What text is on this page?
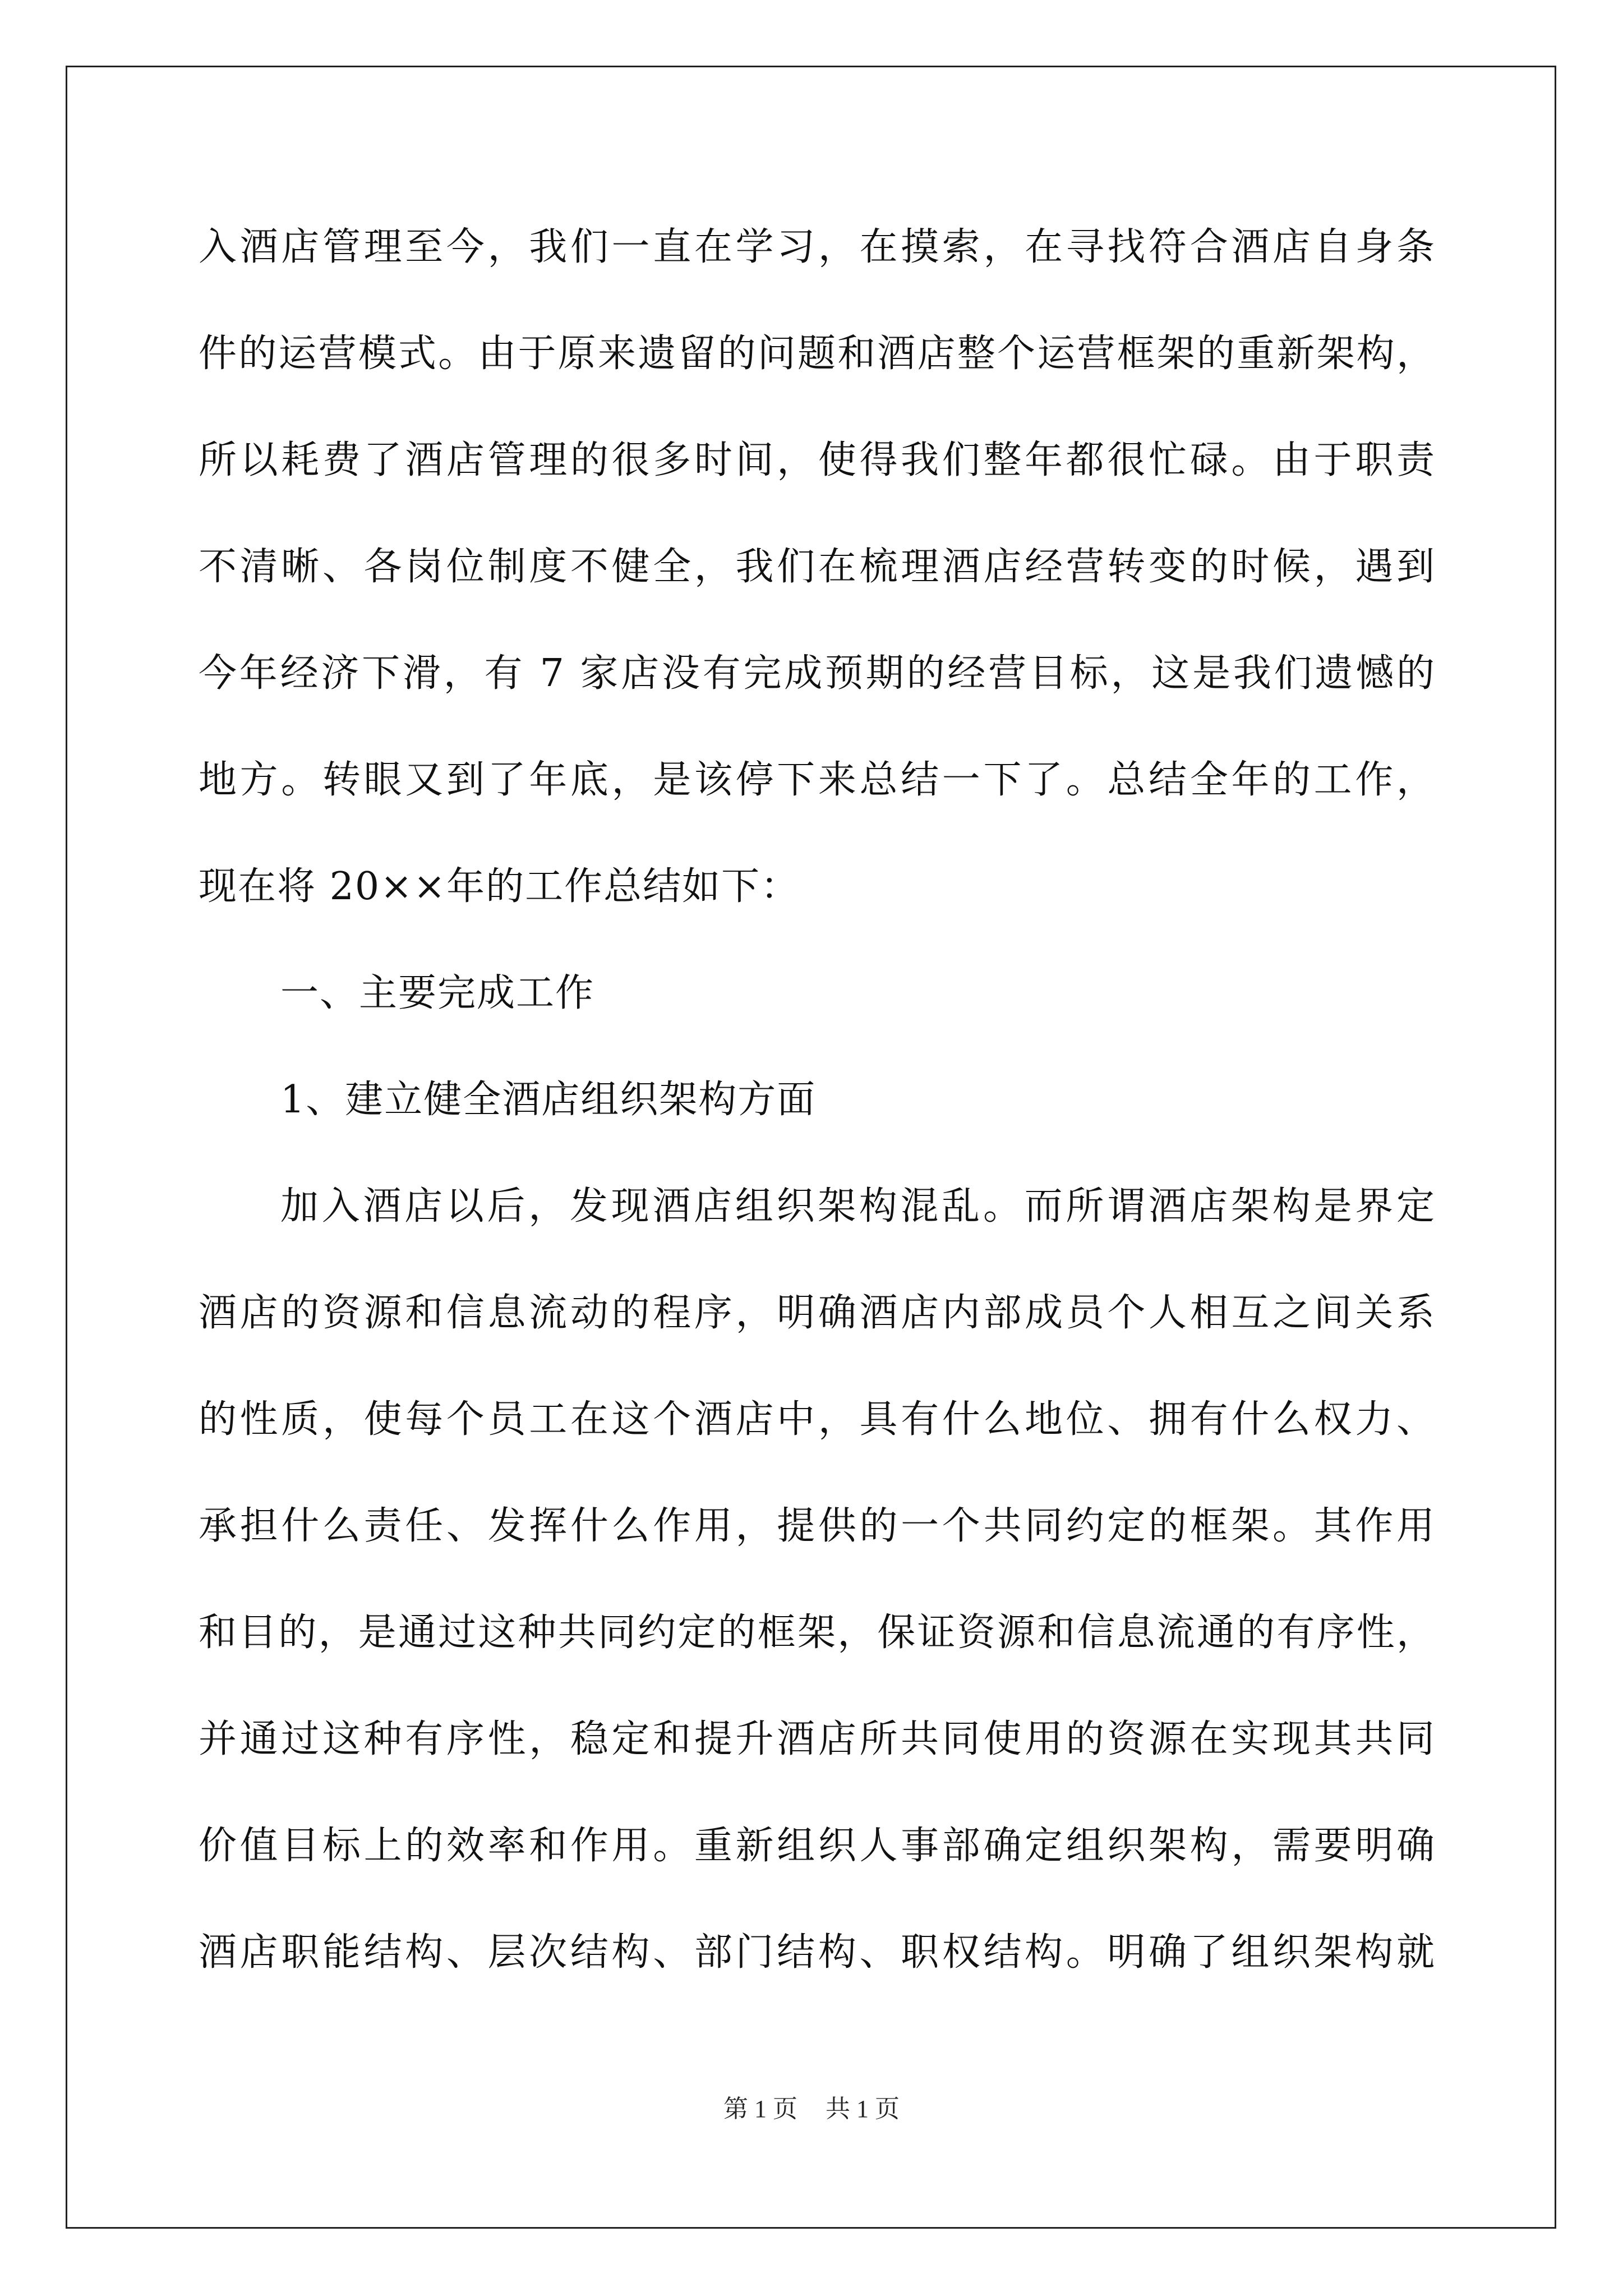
入酒店管理至今，我们一直在学习，在摸索，在寻找符合酒店自身条
件的运营模式。由于原来遗留的问题和酒店整个运营框架的重新架构，
所以耗费了酒店管理的很多时间，使得我们整年都很忙碌。由于职责
不清晰、各岗位制度不健全，我们在梳理酒店经营转变的时候，遇到
今年经济下滑，有 7 家店没有完成预期的经营目标，这是我们遗憾的
地方。转眼又到了年底，是该停下来总结一下了。总结全年的工作，
现在将 20××年的工作总结如下：
一、主要完成工作
1、建立健全酒店组织架构方面
加入酒店以后，发现酒店组织架构混乱。而所谓酒店架构是界定
酒店的资源和信息流动的程序，明确酒店内部成员个人相互之间关系
的性质，使每个员工在这个酒店中，具有什么地位、拥有什么权力、
承担什么责任、发挥什么作用，提供的一个共同约定的框架。其作用
和目的，是通过这种共同约定的框架，保证资源和信息流通的有序性，
并通过这种有序性，稳定和提升酒店所共同使用的资源在实现其共同
价值目标上的效率和作用。重新组织人事部确定组织架构，需要明确
酒店职能结构、层次结构、部门结构、职权结构。明确了组织架构就
第 1 页 共 1 页
